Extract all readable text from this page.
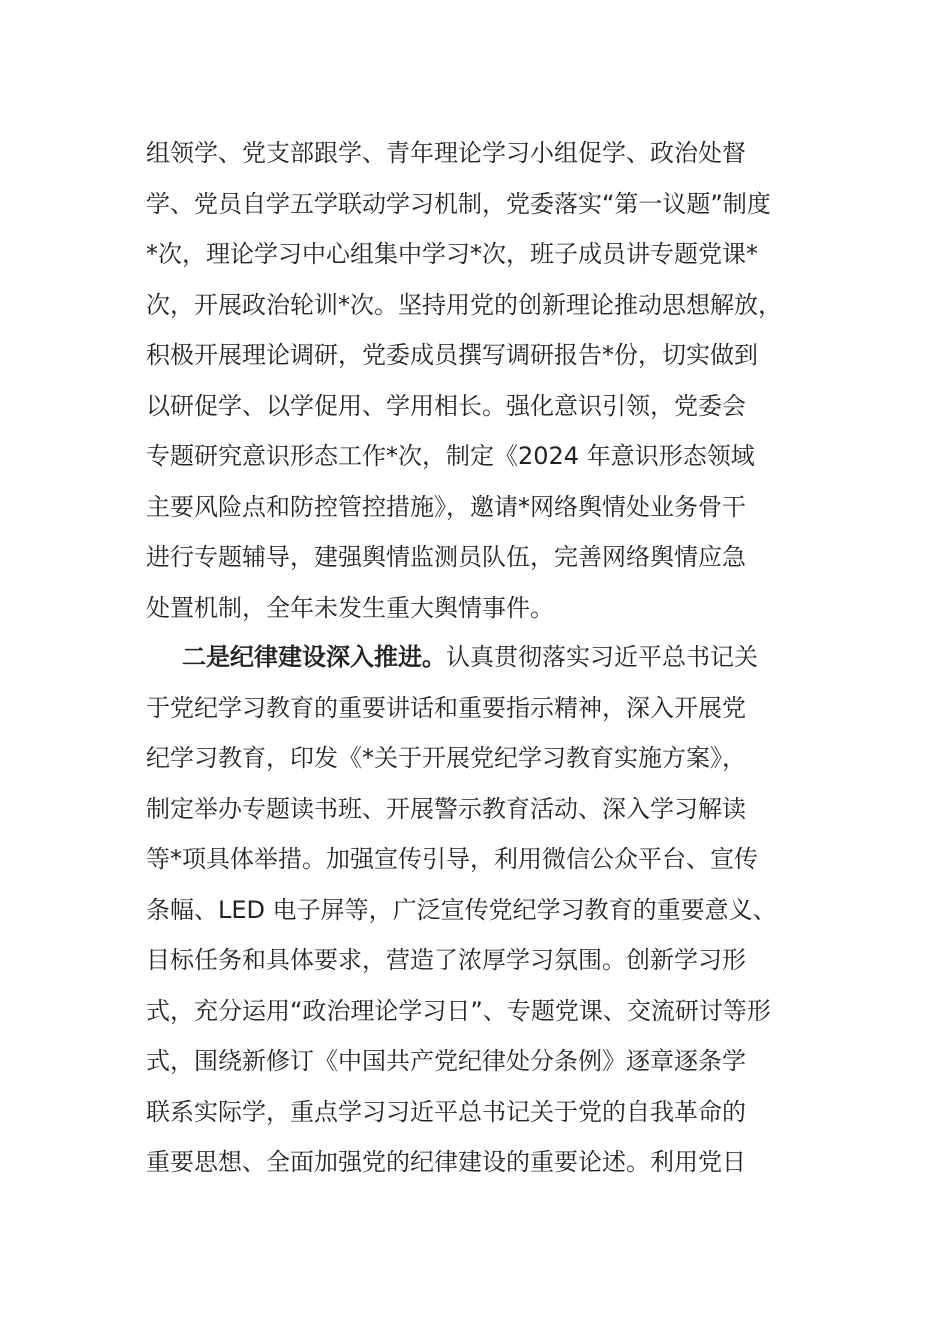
组领学、党支部跟学、青年理论学习小组促学、政治处督
学、党员自学五学联动学习机制，党委落实“第一议题”制度
*次，理论学习中心组集中学习*次，班子成员讲专题党课*
次，开展政治轮训*次。坚持用党的创新理论推动思想解放，
积极开展理论调研，党委成员撰写调研报告*份，切实做到
以研促学、以学促用、学用相长。强化意识引领，党委会
专题研究意识形态工作*次，制定《2024 年意识形态领域
主要风险点和防控管控措施》，邀请*网络舆情处业务骨干
进行专题辅导，建强舆情监测员队伍，完善网络舆情应急
处置机制，全年未发生重大舆情事件。
二是纪律建设深入推进。认真贯彻落实习近平总书记关
于党纪学习教育的重要讲话和重要指示精神，深入开展党
纪学习教育，印发《*关于开展党纪学习教育实施方案》，
制定举办专题读书班、开展警示教育活动、深入学习解读
等*项具体举措。加强宣传引导，利用微信公众平台、宣传
条幅、LED 电子屏等，广泛宣传党纪学习教育的重要意义、
目标任务和具体要求，营造了浓厚学习氛围。创新学习形
式，充分运用“政治理论学习日”、专题党课、交流研讨等形
式，围绕新修订《中国共产党纪律处分条例》逐章逐条学
联系实际学，重点学习习近平总书记关于党的自我革命的
重要思想、全面加强党的纪律建设的重要论述。利用党日
